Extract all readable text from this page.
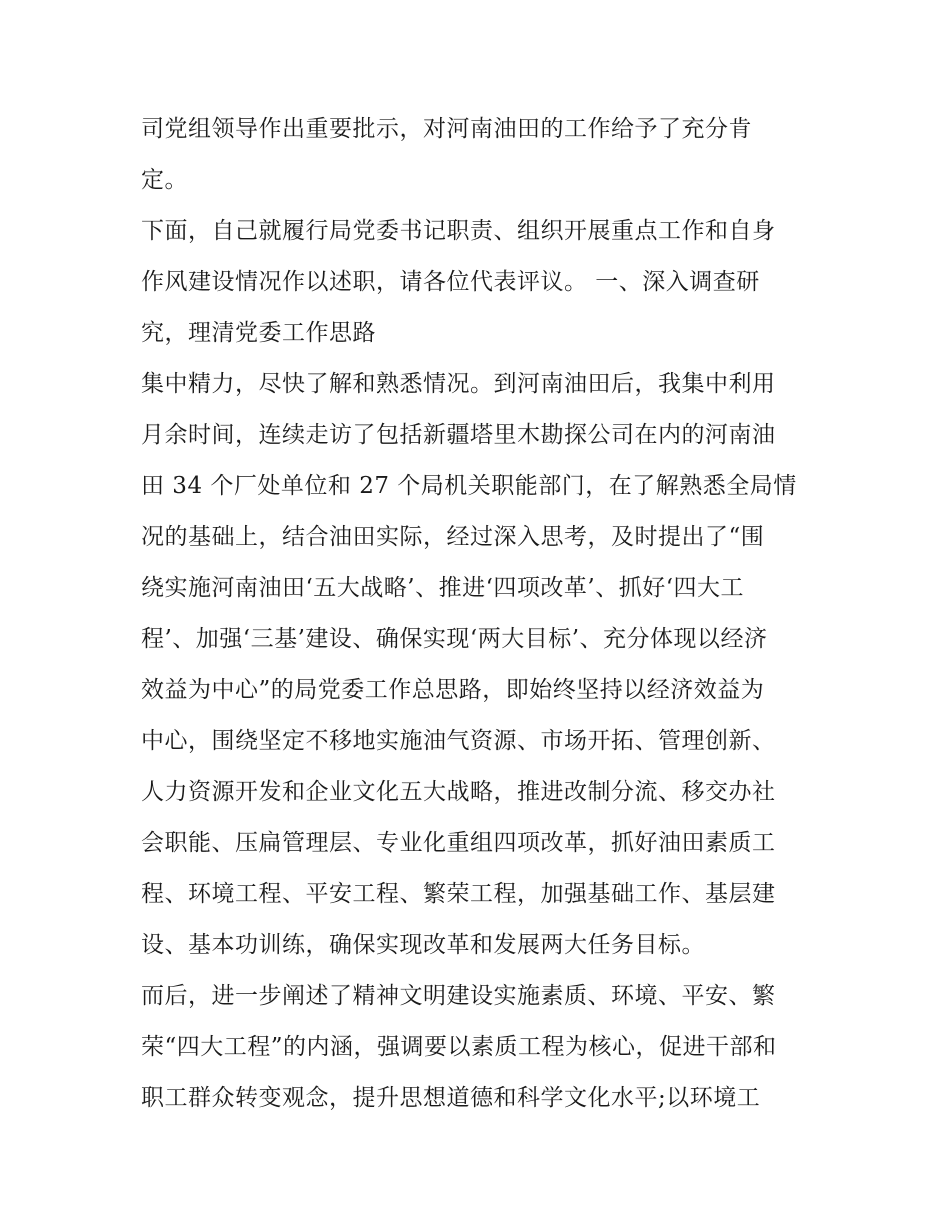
司党组领导作出重要批示，对河南油田的工作给予了充分肯
定。
下面，自己就履行局党委书记职责、组织开展重点工作和自身
作风建设情况作以述职，请各位代表评议。 一、深入调查研
究，理清党委工作思路
集中精力，尽快了解和熟悉情况。到河南油田后，我集中利用
月余时间，连续走访了包括新疆塔里木勘探公司在内的河南油
田 34 个厂处单位和 27 个局机关职能部门，在了解熟悉全局情
况的基础上，结合油田实际，经过深入思考，及时提出了“围
绕实施河南油田‘五大战略’、推进‘四项改革’、抓好‘四大工
程’、加强‘三基’建设、确保实现‘两大目标’、充分体现以经济
效益为中心”的局党委工作总思路，即始终坚持以经济效益为
中心，围绕坚定不移地实施油气资源、市场开拓、管理创新、
人力资源开发和企业文化五大战略，推进改制分流、移交办社
会职能、压扁管理层、专业化重组四项改革，抓好油田素质工
程、环境工程、平安工程、繁荣工程，加强基础工作、基层建
设、基本功训练，确保实现改革和发展两大任务目标。
而后，进一步阐述了精神文明建设实施素质、环境、平安、繁
荣“四大工程”的内涵，强调要以素质工程为核心，促进干部和
职工群众转变观念，提升思想道德和科学文化水平;以环境工
